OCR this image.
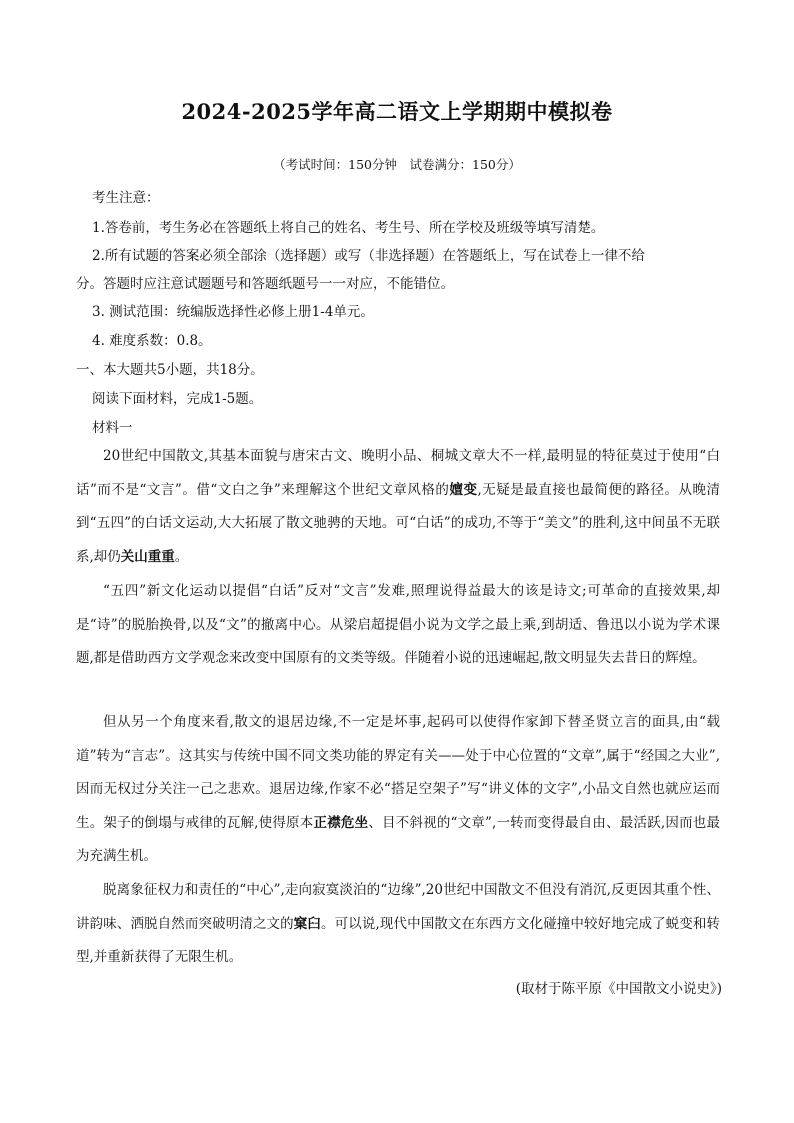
2024-2025学年高二语文上学期期中模拟卷
（考试时间：150分钟　试卷满分：150分）
考生注意：
1.答卷前，考生务必在答题纸上将自己的姓名、考生号、所在学校及班级等填写清楚。
2.所有试题的答案必须全部涂（选择题）或写（非选择题）在答题纸上，写在试卷上一律不给
分。答题时应注意试题题号和答题纸题号一一对应，不能错位。
3. 测试范围：统编版选择性必修上册1-4单元。
4. 难度系数：0.8。
一、本大题共5小题，共18分。
阅读下面材料，完成1-5题。
材料一
20世纪中国散文,其基本面貌与唐宋古文、晚明小品、桐城文章大不一样,最明显的特征莫过于使用“白话”而不是“文言”。借“文白之争”来理解这个世纪文章风格的嬗变,无疑是最直接也最简便的路径。从晚清到“五四”的白话文运动,大大拓展了散文驰骋的天地。可“白话”的成功,不等于“美文”的胜利,这中间虽不无联系,却仍关山重重。
“五四”新文化运动以提倡“白话”反对“文言”发难,照理说得益最大的该是诗文;可革命的直接效果,却是“诗”的脱胎换骨,以及“文”的撤离中心。从梁启超提倡小说为文学之最上乘,到胡适、鲁迅以小说为学术课题,都是借助西方文学观念来改变中国原有的文类等级。伴随着小说的迅速崛起,散文明显失去昔日的辉煌。
但从另一个角度来看,散文的退居边缘,不一定是坏事,起码可以使得作家卸下替圣贤立言的面具,由“载道”转为“言志”。这其实与传统中国不同文类功能的界定有关——处于中心位置的“文章”,属于“经国之大业”,因而无权过分关注一己之悲欢。退居边缘,作家不必“搭足空架子”写“讲义体的文字”,小品文自然也就应运而生。架子的倒塌与戒律的瓦解,使得原本正襟危坐、目不斜视的“文章”,一转而变得最自由、最活跃,因而也最为充满生机。
脱离象征权力和责任的“中心”,走向寂寞淡泊的“边缘”,20世纪中国散文不但没有消沉,反更因其重个性、讲韵味、洒脱自然而突破明清之文的窠臼。可以说,现代中国散文在东西方文化碰撞中较好地完成了蜕变和转型,并重新获得了无限生机。
(取材于陈平原《中国散文小说史》)
